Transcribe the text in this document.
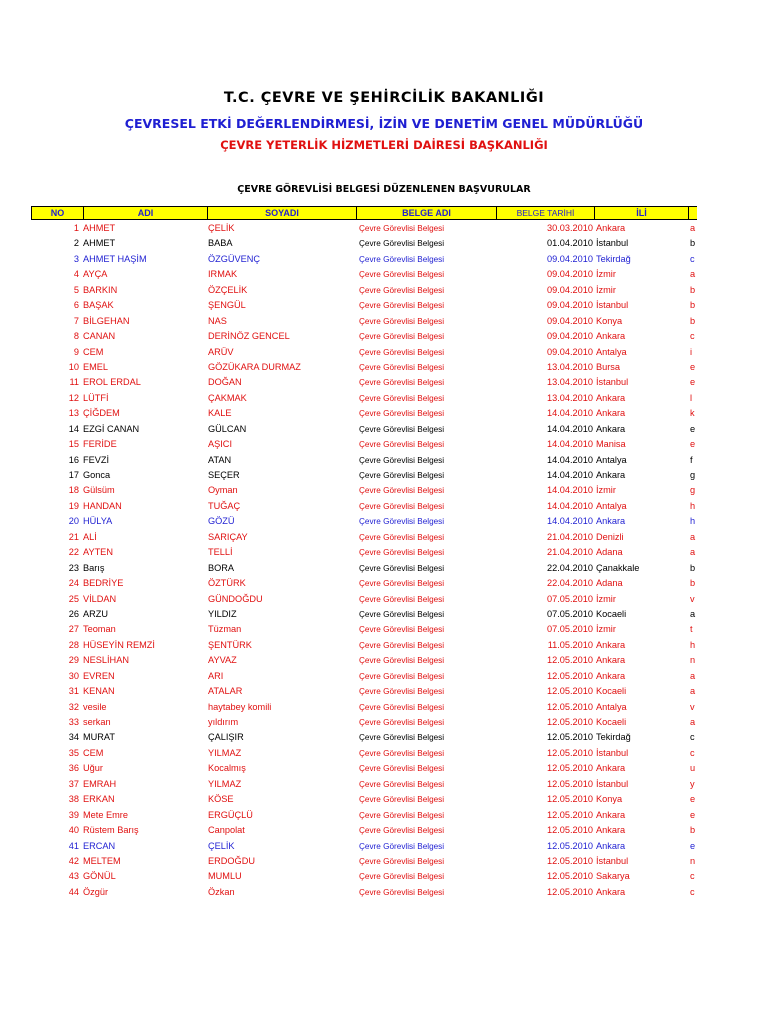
T.C. ÇEVRE VE ŞEHİRCİLİK BAKANLIĞI
ÇEVRESEL ETKİ DEĞERLENDİRMESİ, İZİN VE DENETİM GENEL MÜDÜRLÜĞÜ
ÇEVRE YETERLİK HİZMETLERİ DAİRESİ BAŞKANLIĞI
ÇEVRE GÖREVLİSİ BELGESİ DÜZENLENEN BAŞVURULAR
NO	ADI	SOYADI	BELGE ADI	BELGE TARİHİ	İLİ
1 AHMET	ÇELİK	Çevre Görevlisi Belgesi	30.03.2010 Ankara	a
2 AHMET	BABA	Çevre Görevlisi Belgesi	01.04.2010 İstanbul	b
3 AHMET HAŞİM	ÖZGÜVENÇ	Çevre Görevlisi Belgesi	09.04.2010 Tekirdağ	c
4 AYÇA	IRMAK	Çevre Görevlisi Belgesi	09.04.2010 İzmir	a
5 BARKIN	ÖZÇELİK	Çevre Görevlisi Belgesi	09.04.2010 İzmir	b
6 BAŞAK	ŞENGÜL	Çevre Görevlisi Belgesi	09.04.2010 İstanbul	b
7 BİLGEHAN	NAS	Çevre Görevlisi Belgesi	09.04.2010 Konya	b
8 CANAN	DERİNÖZ GENCEL	Çevre Görevlisi Belgesi	09.04.2010 Ankara	c
9 CEM	ARÜV	Çevre Görevlisi Belgesi	09.04.2010 Antalya	i
10 EMEL	GÖZÜKARA DURMAZ	Çevre Görevlisi Belgesi	13.04.2010 Bursa	e
11 EROL ERDAL	DOĞAN	Çevre Görevlisi Belgesi	13.04.2010 İstanbul	e
12 LÜTFİ	ÇAKMAK	Çevre Görevlisi Belgesi	13.04.2010 Ankara	l
13 ÇİĞDEM	KALE	Çevre Görevlisi Belgesi	14.04.2010 Ankara	k
14 EZGİ CANAN	GÜLCAN	Çevre Görevlisi Belgesi	14.04.2010 Ankara	e
15 FERİDE	AŞICI	Çevre Görevlisi Belgesi	14.04.2010 Manisa	e
16 FEVZİ	ATAN	Çevre Görevlisi Belgesi	14.04.2010 Antalya	f
17 Gonca	SEÇER	Çevre Görevlisi Belgesi	14.04.2010 Ankara	g
18 Gülsüm	Oyman	Çevre Görevlisi Belgesi	14.04.2010 İzmir	g
19 HANDAN	TUĞAÇ	Çevre Görevlisi Belgesi	14.04.2010 Antalya	h
20 HÜLYA	GÖZÜ	Çevre Görevlisi Belgesi	14.04.2010 Ankara	h
21 ALİ	SARIÇAY	Çevre Görevlisi Belgesi	21.04.2010 Denizli	a
22 AYTEN	TELLİ	Çevre Görevlisi Belgesi	21.04.2010 Adana	a
23 Barış	BORA	Çevre Görevlisi Belgesi	22.04.2010 Çanakkale	b
24 BEDRİYE	ÖZTÜRK	Çevre Görevlisi Belgesi	22.04.2010 Adana	b
25 VİLDAN	GÜNDOĞDU	Çevre Görevlisi Belgesi	07.05.2010 İzmir	v
26 ARZU	YILDIZ	Çevre Görevlisi Belgesi	07.05.2010 Kocaeli	a
27 Teoman	Tüzman	Çevre Görevlisi Belgesi	07.05.2010 İzmir	t
28 HÜSEYİN REMZİ	ŞENTÜRK	Çevre Görevlisi Belgesi	11.05.2010 Ankara	h
29 NESLİHAN	AYVAZ	Çevre Görevlisi Belgesi	12.05.2010 Ankara	n
30 EVREN	ARI	Çevre Görevlisi Belgesi	12.05.2010 Ankara	a
31 KENAN	ATALAR	Çevre Görevlisi Belgesi	12.05.2010 Kocaeli	a
32 vesile	haytabey komili	Çevre Görevlisi Belgesi	12.05.2010 Antalya	v
33 serkan	yıldırım	Çevre Görevlisi Belgesi	12.05.2010 Kocaeli	a
34 MURAT	ÇALIŞIR	Çevre Görevlisi Belgesi	12.05.2010 Tekirdağ	c
35 CEM	YILMAZ	Çevre Görevlisi Belgesi	12.05.2010 İstanbul	c
36 Uğur	Kocalmış	Çevre Görevlisi Belgesi	12.05.2010 Ankara	u
37 EMRAH	YILMAZ	Çevre Görevlisi Belgesi	12.05.2010 İstanbul	y
38 ERKAN	KÖSE	Çevre Görevlisi Belgesi	12.05.2010 Konya	e
39 Mete Emre	ERGÜÇLÜ	Çevre Görevlisi Belgesi	12.05.2010 Ankara	e
40 Rüstem Barış	Canpolat	Çevre Görevlisi Belgesi	12.05.2010 Ankara	b
41 ERCAN	ÇELİK	Çevre Görevlisi Belgesi	12.05.2010 Ankara	e
42 MELTEM	ERDOĞDU	Çevre Görevlisi Belgesi	12.05.2010 İstanbul	n
43 GÖNÜL	MUMLU	Çevre Görevlisi Belgesi	12.05.2010 Sakarya	c
44 Özgür	Özkan	Çevre Görevlisi Belgesi	12.05.2010 Ankara	c
